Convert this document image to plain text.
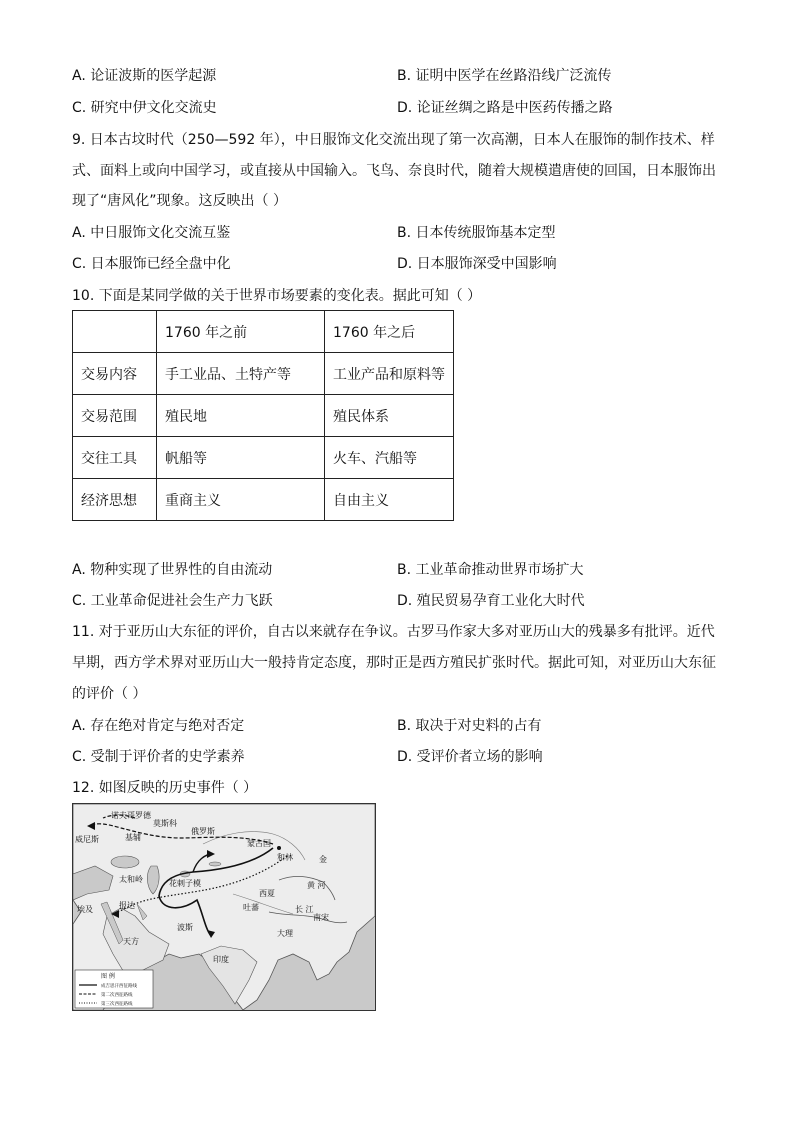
A. 论证波斯的医学起源	B. 证明中医学在丝路沿线广泛流传
C. 研究中伊文化交流史	D. 论证丝绸之路是中医药传播之路
9. 日本古坟时代（250—592 年），中日服饰文化交流出现了第一次高潮，日本人在服饰的制作技术、样
式、面料上或向中国学习，或直接从中国输入。飞鸟、奈良时代，随着大规模遣唐使的回国，日本服饰出
现了“唐风化”现象。这反映出（ ）
A. 中日服饰文化交流互鉴	B. 日本传统服饰基本定型
C. 日本服饰已经全盘中化	D. 日本服饰深受中国影响
10. 下面是某同学做的关于世界市场要素的变化表。据此可知（ ）
	1760 年之前	1760 年之后
交易内容	手工业品、土特产等	工业产品和原料等
交易范围	殖民地	殖民体系
交往工具	帆船等	火车、汽船等
经济思想	重商主义	自由主义
A. 物种实现了世界性的自由流动	B. 工业革命推动世界市场扩大
C. 工业革命促进社会生产力飞跃	D. 殖民贸易孕育工业化大时代
11. 对于亚历山大东征的评价，自古以来就存在争议。古罗马作家大多对亚历山大的残暴多有批评。近代
早期，西方学术界对亚历山大一般持肯定态度，那时正是西方殖民扩张时代。据此可知，对亚历山大东征
的评价（ ）
A. 存在绝对肯定与绝对否定	B. 取决于对史料的占有
C. 受制于评价者的史学素养	D. 受评价者立场的影响
12. 如图反映的历史事件（ ）
诺夫哥罗德
莫斯科
威尼斯	基辅
俄罗斯
蒙古国
和林	金
太和岭	花剌子模
西夏
黄 河
长 江
埃及	报达	吐蕃
南宋
天方
波斯
大理
印度
图 例
成吉思汗西征路线
第二次西征路线
第三次西征路线
